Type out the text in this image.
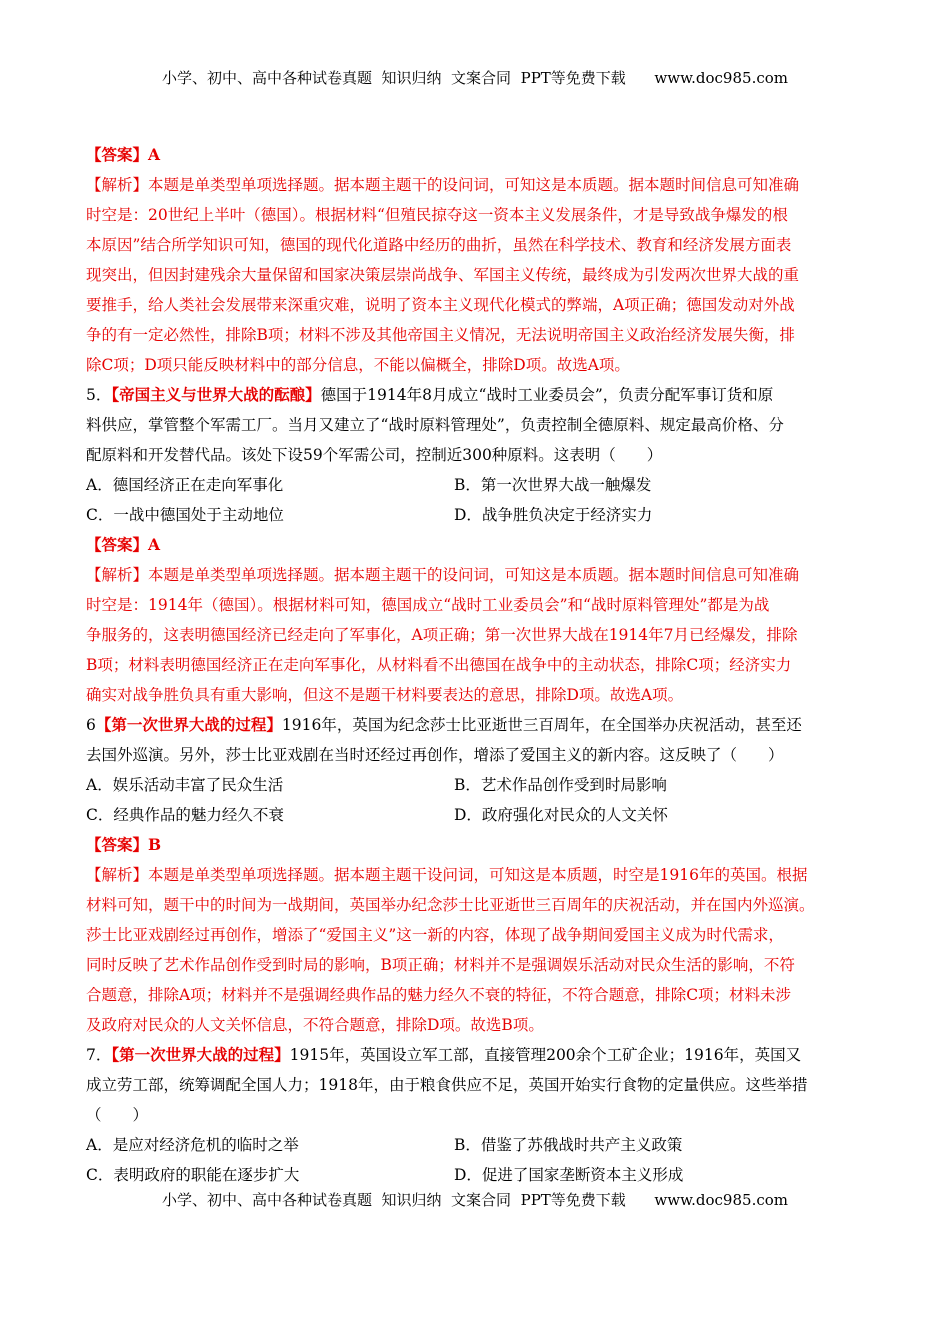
小学、初中、高中各种试卷真题  知识归纳  文案合同  PPT等免费下载      www.doc985.com
【答案】A
【解析】本题是单类型单项选择题。据本题主题干的设问词，可知这是本质题。据本题时间信息可知准确
时空是：20世纪上半叶（德国）。根据材料“但殖民掠夺这一资本主义发展条件，才是导致战争爆发的根
本原因”结合所学知识可知，德国的现代化道路中经历的曲折，虽然在科学技术、教育和经济发展方面表
现突出，但因封建残余大量保留和国家决策层崇尚战争、军国主义传统，最终成为引发两次世界大战的重
要推手，给人类社会发展带来深重灾难，说明了资本主义现代化模式的弊端，A项正确；德国发动对外战
争的有一定必然性，排除B项；材料不涉及其他帝国主义情况，无法说明帝国主义政治经济发展失衡，排
除C项；D项只能反映材料中的部分信息，不能以偏概全，排除D项。故选A项。
5．【帝国主义与世界大战的酝酿】德国于1914年8月成立“战时工业委员会”，负责分配军事订货和原
料供应，掌管整个军需工厂。当月又建立了“战时原料管理处”，负责控制全德原料、规定最高价格、分
配原料和开发替代品。该处下设59个军需公司，控制近300种原料。这表明（　　）
A．德国经济正在走向军事化	B．第一次世界大战一触爆发
C．一战中德国处于主动地位	D．战争胜负决定于经济实力
【答案】A
【解析】本题是单类型单项选择题。据本题主题干的设问词，可知这是本质题。据本题时间信息可知准确
时空是：1914年（德国）。根据材料可知，德国成立“战时工业委员会”和“战时原料管理处”都是为战
争服务的，这表明德国经济已经走向了军事化，A项正确；第一次世界大战在1914年7月已经爆发，排除
B项；材料表明德国经济正在走向军事化，从材料看不出德国在战争中的主动状态，排除C项；经济实力
确实对战争胜负具有重大影响，但这不是题干材料要表达的意思，排除D项。故选A项。
6【第一次世界大战的过程】1916年，英国为纪念莎士比亚逝世三百周年，在全国举办庆祝活动，甚至还
去国外巡演。另外，莎士比亚戏剧在当时还经过再创作，增添了爱国主义的新内容。这反映了（　　）
A．娱乐活动丰富了民众生活	B．艺术作品创作受到时局影响
C．经典作品的魅力经久不衰	D．政府强化对民众的人文关怀
【答案】B
【解析】本题是单类型单项选择题。据本题主题干设问词，可知这是本质题，时空是1916年的英国。根据
材料可知，题干中的时间为一战期间，英国举办纪念莎士比亚逝世三百周年的庆祝活动，并在国内外巡演。
莎士比亚戏剧经过再创作，增添了“爱国主义”这一新的内容，体现了战争期间爱国主义成为时代需求，
同时反映了艺术作品创作受到时局的影响，B项正确；材料并不是强调娱乐活动对民众生活的影响，不符
合题意，排除A项；材料并不是强调经典作品的魅力经久不衰的特征，不符合题意，排除C项；材料未涉
及政府对民众的人文关怀信息，不符合题意，排除D项。故选B项。
7．【第一次世界大战的过程】1915年，英国设立军工部，直接管理200余个工矿企业；1916年，英国又
成立劳工部，统筹调配全国人力；1918年，由于粮食供应不足，英国开始实行食物的定量供应。这些举措
（　　）
A．是应对经济危机的临时之举	B．借鉴了苏俄战时共产主义政策
C．表明政府的职能在逐步扩大	D．促进了国家垄断资本主义形成
小学、初中、高中各种试卷真题  知识归纳  文案合同  PPT等免费下载      www.doc985.com
